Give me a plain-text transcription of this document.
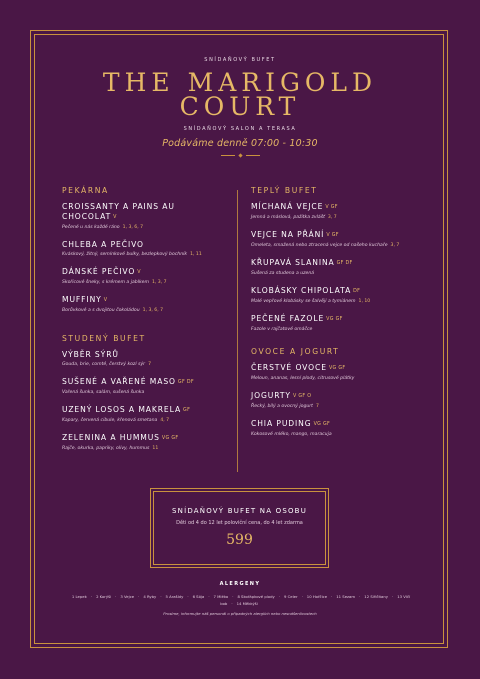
SNÍDAŇOVÝ BUFET
THE MARIGOLD
COURT
SNÍDAŇOVÝ SALON A TERASA
Podáváme denně 07:00 - 10:30
PEKÁRNA
CROISSANTY A PAINS AU CHOCOLAT V
Pečené u nás každé ráno 1, 3, 6, 7
CHLEBA A PEČIVO
Kváskový, žitný, semínkové bulky, bezlepkový bochník 1, 11
DÁNSKÉ PEČIVO V
Skořicové šneky, s krémem a jablkem 1, 3, 7
MUFFINY V
Borůvkové a s dvojitou čokoládou 1, 3, 6, 7
STUDENÝ BUFET
VÝBĚR SÝRŮ
Gouda, brie, comté, čerstvý kozí sýr 7
SUŠENÉ A VAŘENÉ MASO GF DF
Vařená šunka, salám, sušená šunka
UZENÝ LOSOS A MAKRELA GF
Kapary, červená cibule, křenová smetana 4, 7
ZELENINA A HUMMUS VG GF
Rajče, okurka, papriky, olivy, hummus 11
TEPLÝ BUFET
MÍCHANÁ VEJCE V GF
Jemná a máslová, pažitka zvlášť 3, 7
VEJCE NA PŘÁNÍ V GF
Omeleta, smažená nebo ztracená vejce od našeho kuchaře 3, 7
KŘUPAVÁ SLANINA GF DF
Sušená za studena a uzená
KLOBÁSKY CHIPOLATA DF
Malé vepřové klobásky se šalvějí a tymiánem 1, 10
PEČENÉ FAZOLE VG GF
Fazole v rajčatové omáčce
OVOCE A JOGURT
ČERSTVÉ OVOCE VG GF
Meloun, ananas, lesní plody, citrusové plátky
JOGURTY V GF O
Řecký, bílý a ovocný jogurt 7
CHIA PUDING VG GF
Kokosové mléko, mango, maracuja
SNÍDAŇOVÝ BUFET NA OSOBU
Děti od 4 do 12 let poloviční cena, do 4 let zdarma
599
ALERGENY
1 Lepek · 2 Korýši · 3 Vejce · 4 Ryby · 5 Arašídy · 6 Sója · 7 Mléko · 8 Skořápkové plody · 9 Celer · 10 Hořčice · 11 Sezam · 12 Siřičitany · 13 Vlčí bob · 14 Měkkýši
Prosíme, informujte náš personál o případných alergiích nebo nesnášenlivostech
